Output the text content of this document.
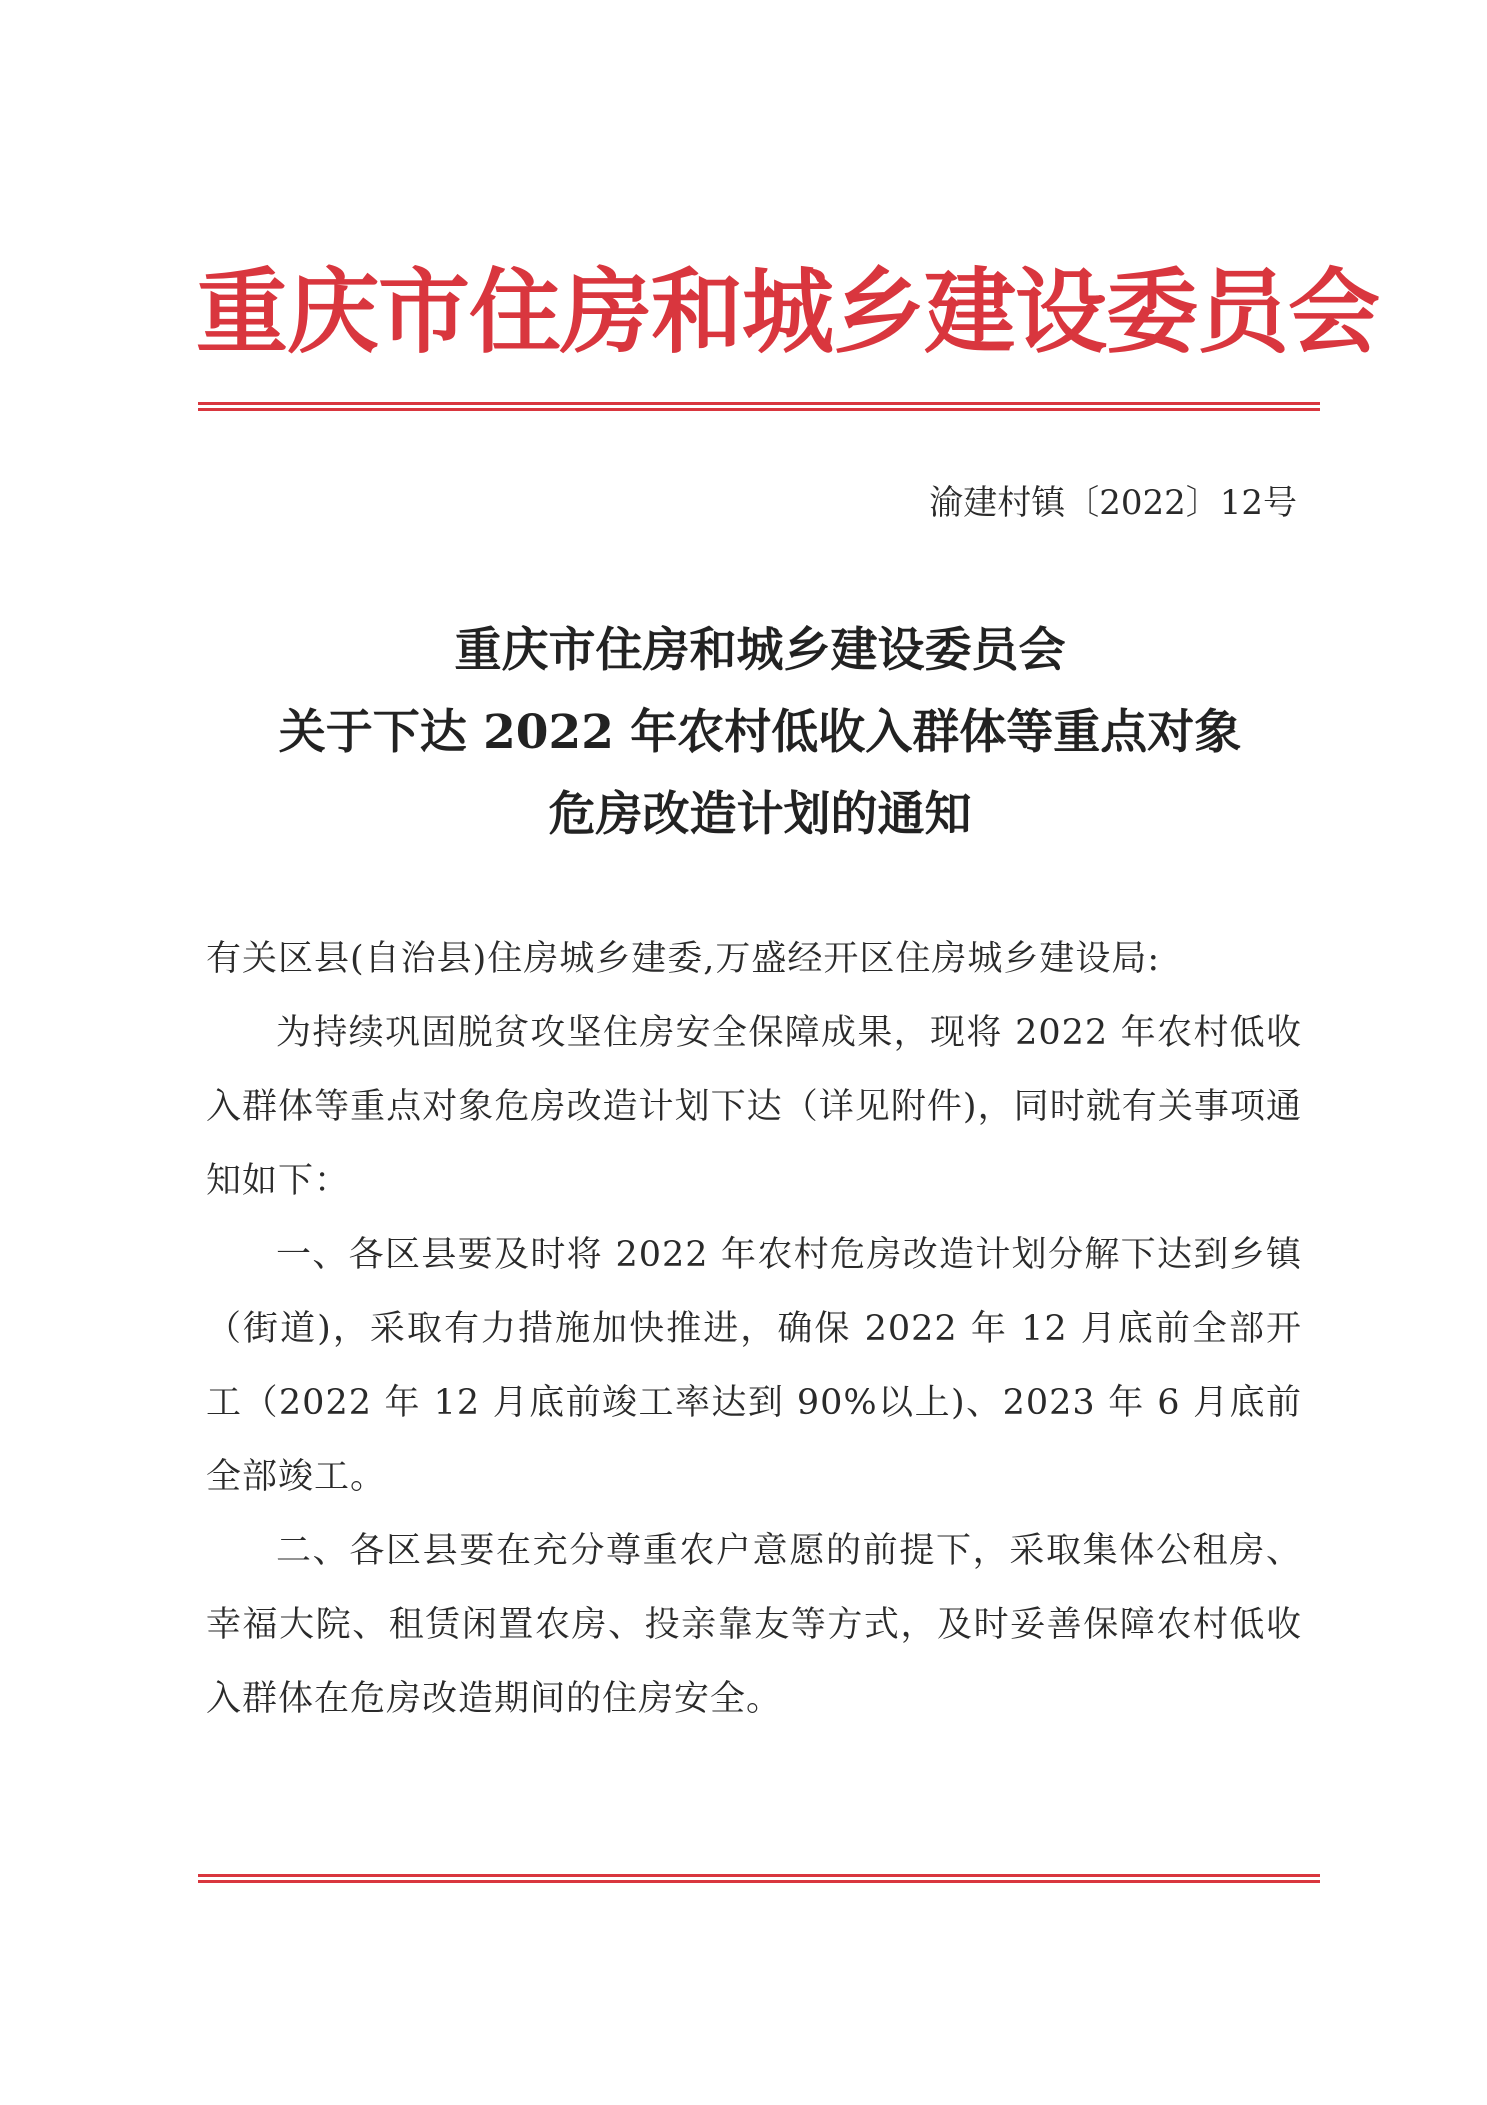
重庆市住房和城乡建设委员会
渝建村镇〔2022〕12号
重庆市住房和城乡建设委员会
关于下达 2022 年农村低收入群体等重点对象
危房改造计划的通知

有关区县(自治县)住房城乡建委,万盛经开区住房城乡建设局:

为持续巩固脱贫攻坚住房安全保障成果，现将 2022 年农村低收入群体等重点对象危房改造计划下达（详见附件)，同时就有关事项通知如下：

一、各区县要及时将 2022 年农村危房改造计划分解下达到乡镇（街道)，采取有力措施加快推进，确保 2022 年 12 月底前全部开工（2022 年 12 月底前竣工率达到 90%以上)、2023 年 6 月底前全部竣工。

二、各区县要在充分尊重农户意愿的前提下，采取集体公租房、幸福大院、租赁闲置农房、投亲靠友等方式，及时妥善保障农村低收入群体在危房改造期间的住房安全。
